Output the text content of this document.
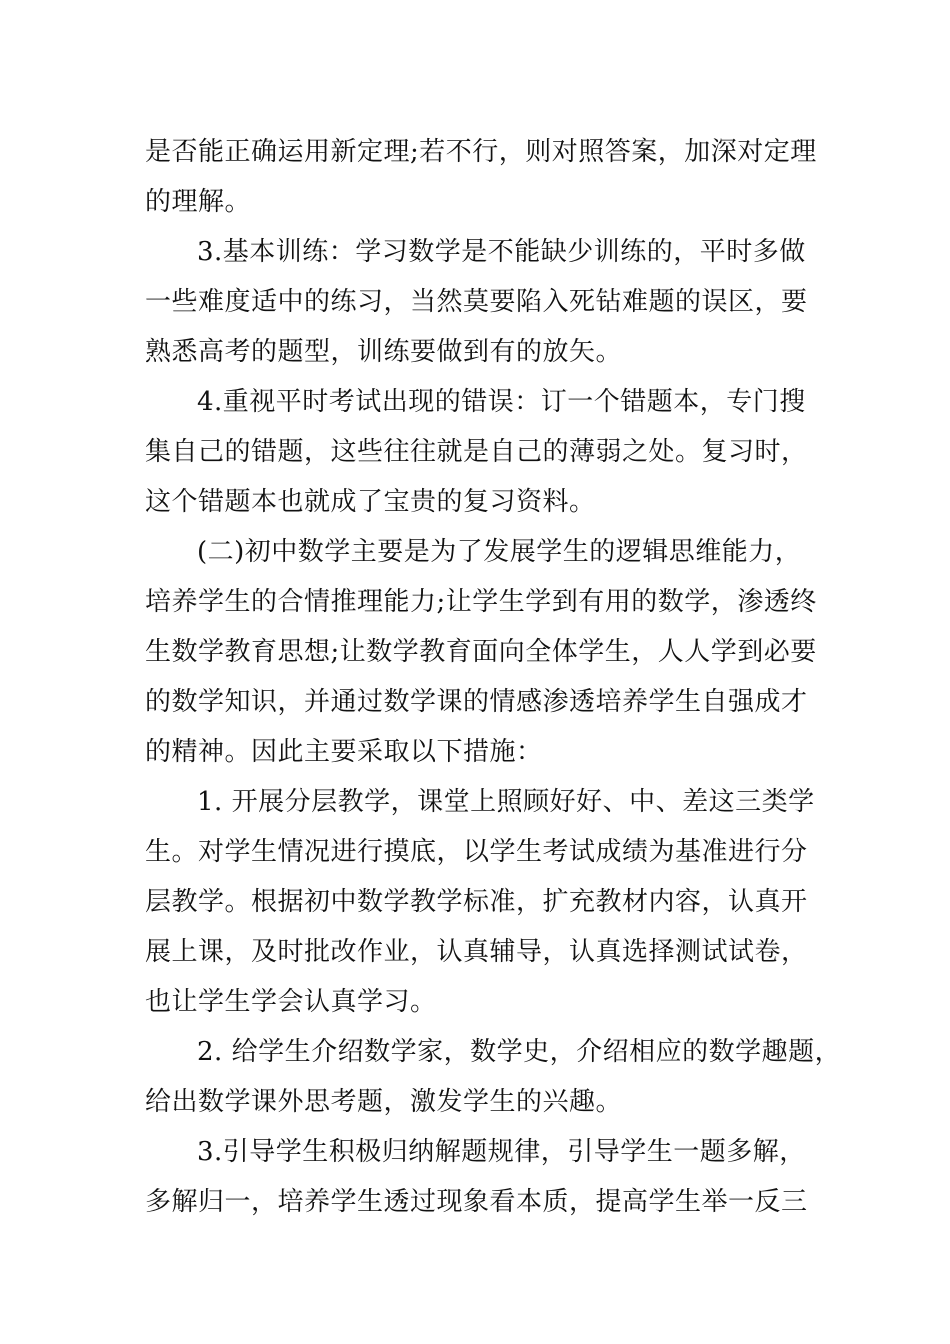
是否能正确运用新定理;若不行，则对照答案，加深对定理
的理解。
3.基本训练：学习数学是不能缺少训练的，平时多做
一些难度适中的练习，当然莫要陷入死钻难题的误区，要
熟悉高考的题型，训练要做到有的放矢。
4.重视平时考试出现的错误：订一个错题本，专门搜
集自己的错题，这些往往就是自己的薄弱之处。复习时，
这个错题本也就成了宝贵的复习资料。
(二)初中数学主要是为了发展学生的逻辑思维能力，
培养学生的合情推理能力;让学生学到有用的数学，渗透终
生数学教育思想;让数学教育面向全体学生，人人学到必要
的数学知识，并通过数学课的情感渗透培养学生自强成才
的精神。因此主要采取以下措施：
1. 开展分层教学，课堂上照顾好好、中、差这三类学
生。对学生情况进行摸底，以学生考试成绩为基准进行分
层教学。根据初中数学教学标准，扩充教材内容，认真开
展上课，及时批改作业，认真辅导，认真选择测试试卷，
也让学生学会认真学习。
2. 给学生介绍数学家，数学史，介绍相应的数学趣题，
给出数学课外思考题，激发学生的兴趣。
3.引导学生积极归纳解题规律，引导学生一题多解，
多解归一，培养学生透过现象看本质，提高学生举一反三
